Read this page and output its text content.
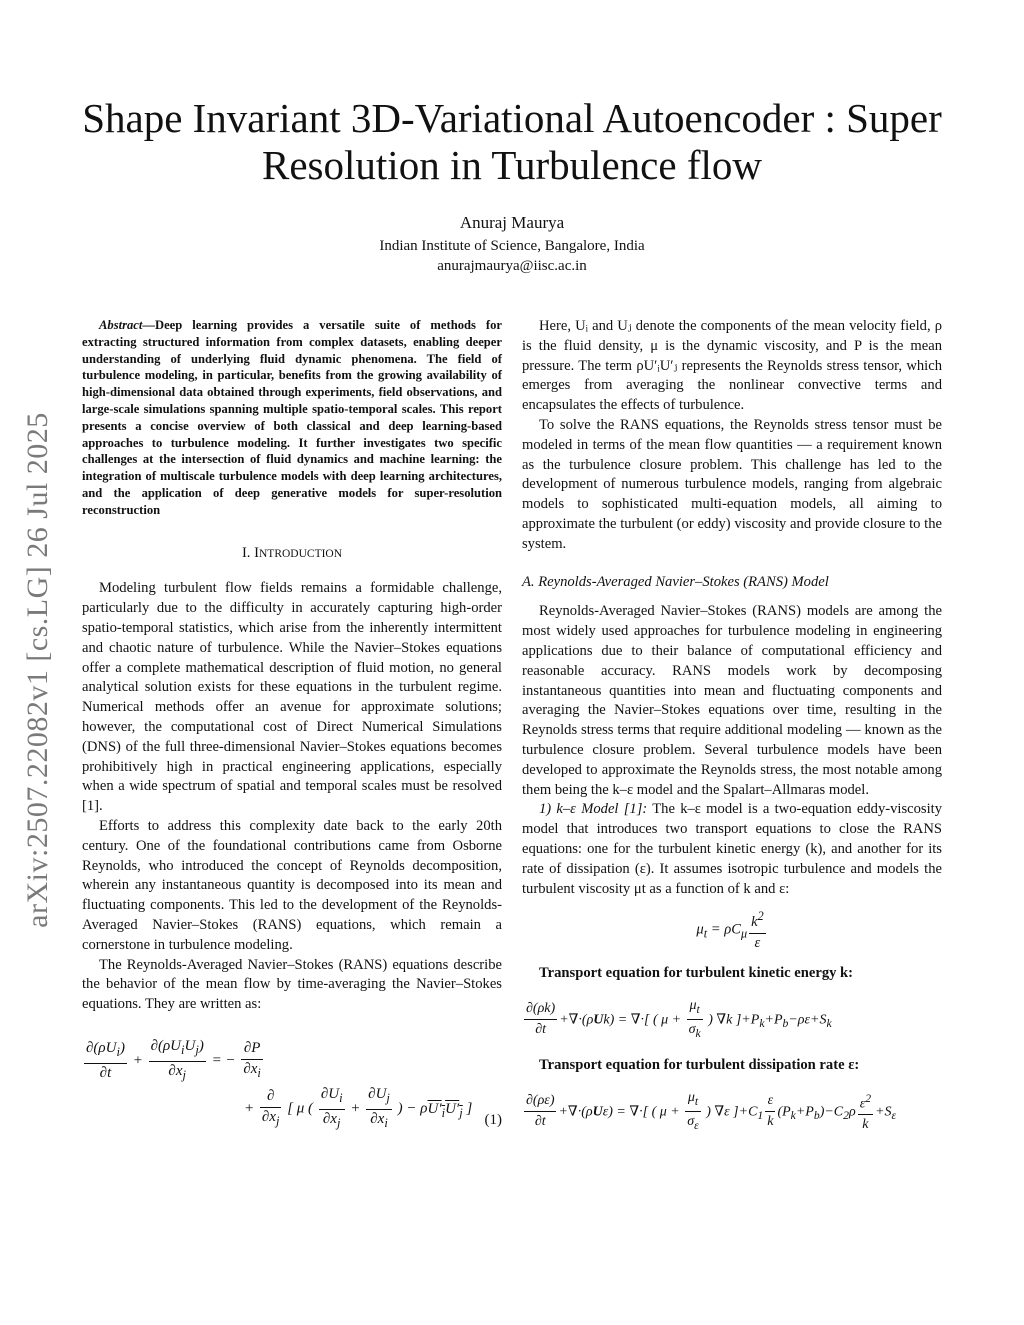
arXiv:2507.22082v1 [cs.LG] 26 Jul 2025
Shape Invariant 3D-Variational Autoencoder : Super Resolution in Turbulence flow
Anuraj Maurya
Indian Institute of Science, Bangalore, India
anurajmaurya@iisc.ac.in

Abstract—Deep learning provides a versatile suite of methods for extracting structured information from complex datasets, enabling deeper understanding of underlying fluid dynamic phenomena. The field of turbulence modeling, in particular, benefits from the growing availability of high-dimensional data obtained through experiments, field observations, and large-scale simulations spanning multiple spatio-temporal scales. This report presents a concise overview of both classical and deep learning-based approaches to turbulence modeling. It further investigates two specific challenges at the intersection of fluid dynamics and machine learning: the integration of multiscale turbulence models with deep learning architectures, and the application of deep generative models for super-resolution reconstruction

I. INTRODUCTION

Modeling turbulent flow fields remains a formidable challenge, particularly due to the difficulty in accurately capturing high-order spatio-temporal statistics, which arise from the inherently intermittent and chaotic nature of turbulence. While the Navier–Stokes equations offer a complete mathematical description of fluid motion, no general analytical solution exists for these equations in the turbulent regime. Numerical methods offer an avenue for approximate solutions; however, the computational cost of Direct Numerical Simulations (DNS) of the full three-dimensional Navier–Stokes equations becomes prohibitively high in practical engineering applications, especially when a wide spectrum of spatial and temporal scales must be resolved [1].

Efforts to address this complexity date back to the early 20th century. One of the foundational contributions came from Osborne Reynolds, who introduced the concept of Reynolds decomposition, wherein any instantaneous quantity is decomposed into its mean and fluctuating components. This led to the development of the Reynolds-Averaged Navier–Stokes (RANS) equations, which remain a cornerstone in turbulence modeling.

The Reynolds-Averaged Navier–Stokes (RANS) equations describe the behavior of the mean flow by time-averaging the Navier–Stokes equations. They are written as:

$\frac{\partial(\rho U_i)}{\partial t} + \frac{\partial(\rho U_iU_j)}{\partial x_j}$ = − $\frac{\partial P}{\partial x_i}$
+ $\frac{\partial}{\partial x_j}$ [ μ ( $\frac{\partial U_i}{\partial x_j} + \frac{\partial U_j}{\partial x_i}$ ) − $\rho U'_iU'_j$ ]
(1)

Here, Uᵢ and Uⱼ denote the components of the mean velocity field, ρ is the fluid density, μ is the dynamic viscosity, and P is the mean pressure. The term ρU′ᵢU′ⱼ represents the Reynolds stress tensor, which emerges from averaging the nonlinear convective terms and encapsulates the effects of turbulence.

To solve the RANS equations, the Reynolds stress tensor must be modeled in terms of the mean flow quantities — a requirement known as the turbulence closure problem. This challenge has led to the development of numerous turbulence models, ranging from algebraic models to sophisticated multi-equation models, all aiming to approximate the turbulent (or eddy) viscosity and provide closure to the system.

A. Reynolds-Averaged Navier–Stokes (RANS) Model

Reynolds-Averaged Navier–Stokes (RANS) models are among the most widely used approaches for turbulence modeling in engineering applications due to their balance of computational efficiency and reasonable accuracy. RANS models work by decomposing instantaneous quantities into mean and fluctuating components and averaging the Navier–Stokes equations over time, resulting in the Reynolds stress terms that require additional modeling — known as the turbulence closure problem. Several turbulence models have been developed to approximate the Reynolds stress, the most notable among them being the k–ε model and the Spalart–Allmaras model.

1) k–ε Model [1]: The k–ε model is a two-equation eddy-viscosity model that introduces two transport equations to close the RANS equations: one for the turbulent kinetic energy (k), and another for its rate of dissipation (ε). It assumes isotropic turbulence and models the turbulent viscosity μt as a function of k and ε:

$\mu_t = \rho C_\mu \frac{k^2}{\varepsilon}$

Transport equation for turbulent kinetic energy k:

$\frac{\partial(\rho k)}{\partial t} +\nabla\cdot(\rho Uk)$ = ∇·[ ( $\mu + \frac{\mu_t}{\sigma_k}$ ) ∇k ]$+P_k+P_b-\rho\varepsilon+S_k$

Transport equation for turbulent dissipation rate ε:

$\frac{\partial(\rho\varepsilon)}{\partial t} +\nabla\cdot(\rho U\varepsilon)$ = ∇·[ ( $\mu + \frac{\mu_t}{\sigma_\varepsilon}$ ) ∇ε ]$+C_1 \frac{\varepsilon}{k} (P_k+P_b)-C_2\rho \frac{\varepsilon^2}{k} +S_\varepsilon$
